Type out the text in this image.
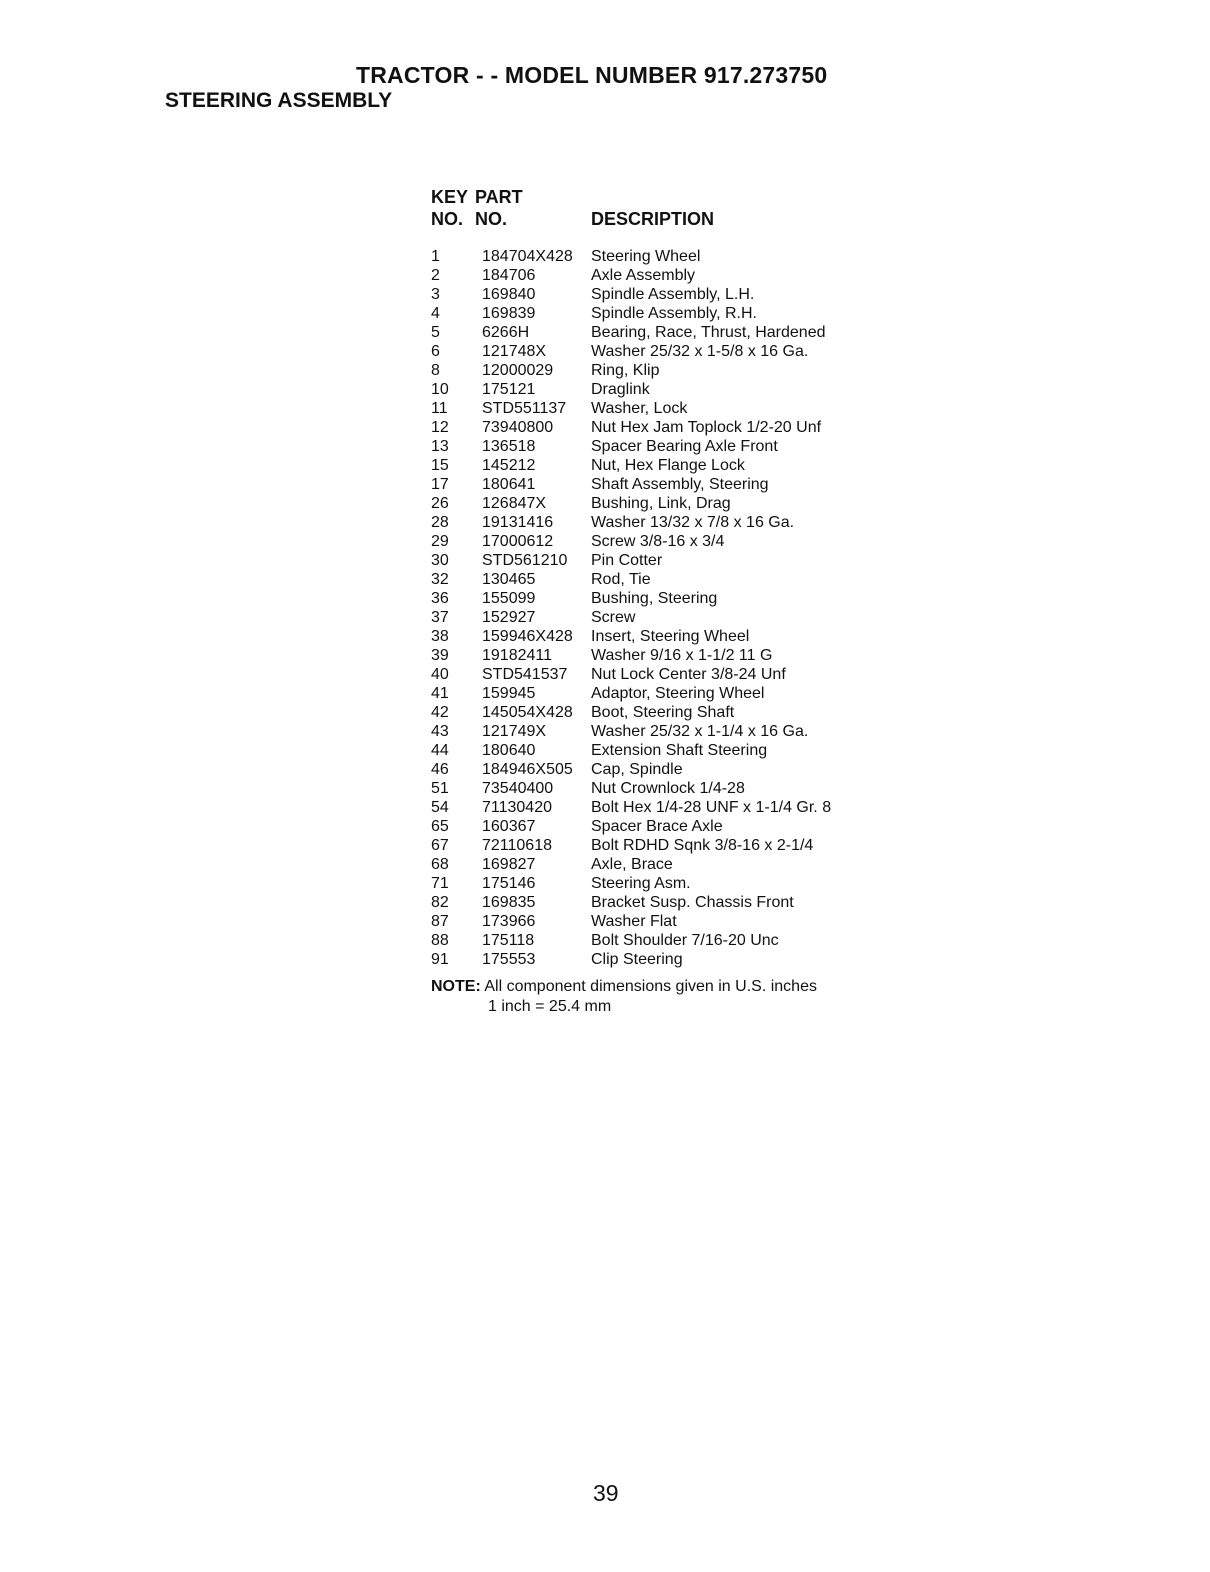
TRACTOR - - MODEL NUMBER 917.273750
STEERING ASSEMBLY
KEY PART
NO. NO.	DESCRIPTION
1	184704X428 Steering Wheel
2	184706	Axle Assembly
3	169840	Spindle Assembly, L.H.
4	169839	Spindle Assembly, R.H.
5	6266H	Bearing, Race, Thrust, Hardened
6	121748X	Washer 25/32 x 1-5/8 x 16 Ga.
8	12000029 Ring, Klip
10 175121	Draglink
11 STD551137 Washer, Lock
12 73940800 Nut Hex Jam Toplock 1/2-20 Unf
13 136518	Spacer Bearing Axle Front
15 145212	Nut, Hex Flange Lock
17 180641	Shaft Assembly, Steering
26 126847X	Bushing, Link, Drag
28 19131416 Washer 13/32 x 7/8 x 16 Ga.
29 17000612 Screw 3/8-16 x 3/4
30 STD561210 Pin Cotter
32 130465	Rod, Tie
36 155099	Bushing, Steering
37 152927	Screw
38 159946X428 Insert, Steering Wheel
39 19182411 Washer 9/16 x 1-1/2 11 G
40 STD541537 Nut Lock Center 3/8-24 Unf
41 159945	Adaptor, Steering Wheel
42 145054X428 Boot, Steering Shaft
43 121749X	Washer 25/32 x 1-1/4 x 16 Ga.
44 180640	Extension Shaft Steering
46 184946X505 Cap, Spindle
51 73540400 Nut Crownlock 1/4-28
54 71130420 Bolt Hex 1/4-28 UNF x 1-1/4 Gr. 8
65 160367	Spacer Brace Axle
67 72110618 Bolt RDHD Sqnk 3/8-16 x 2-1/4
68 169827	Axle, Brace
71 175146	Steering Asm.
82 169835	Bracket Susp. Chassis Front
87 173966	Washer Flat
88 175118	Bolt Shoulder 7/16-20 Unc
91 175553	Clip Steering
NOTE: All component dimensions given in U.S. inches
1 inch = 25.4 mm
39
